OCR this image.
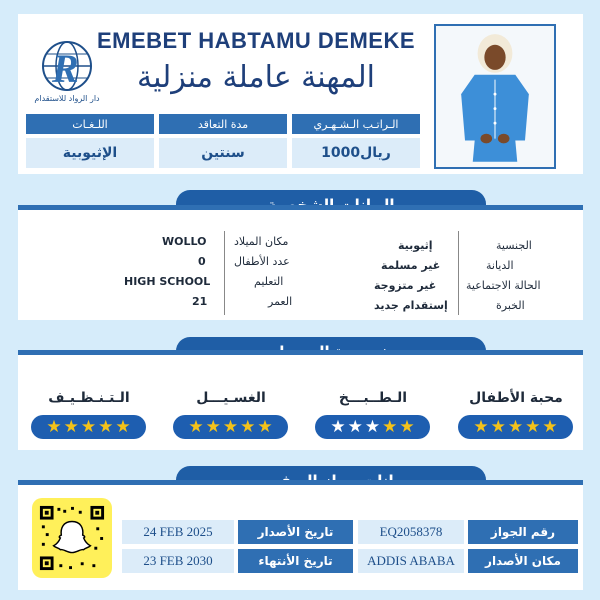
R
دار الرواد للاستقدام
EMEBET HABTAMU DEMEKE
المهنة عاملة منزلية
اللـغـات
الإثيوبية
مدة التعاقد
سنتين
الـراتـب الـشـهـري
1000ريال
الجنسية
الديانة
الحالة الاجتماعية
الخبرة
إثيوبية
غير مسلمة
غير متزوجة
إستقدام جديد
مكان الميلاد
عدد الأطفال
التعليم
العمر
WOLLO
0
HIGH SCHOOL
21
محبة الأطفال
★ ★ ★ ★ ★
الـطــبـــخ
★ ★ ★ ★ ★
الغسـيـــل
★ ★ ★ ★ ★
الـتـنـظـيـف
★ ★ ★ ★ ★
رقم الجواز
EQ2058378
تاريخ الأصدار
24 FEB 2025
مكان الأصدار
ADDIS ABABA
تاريخ الأنتهاء
23 FEB 2030
